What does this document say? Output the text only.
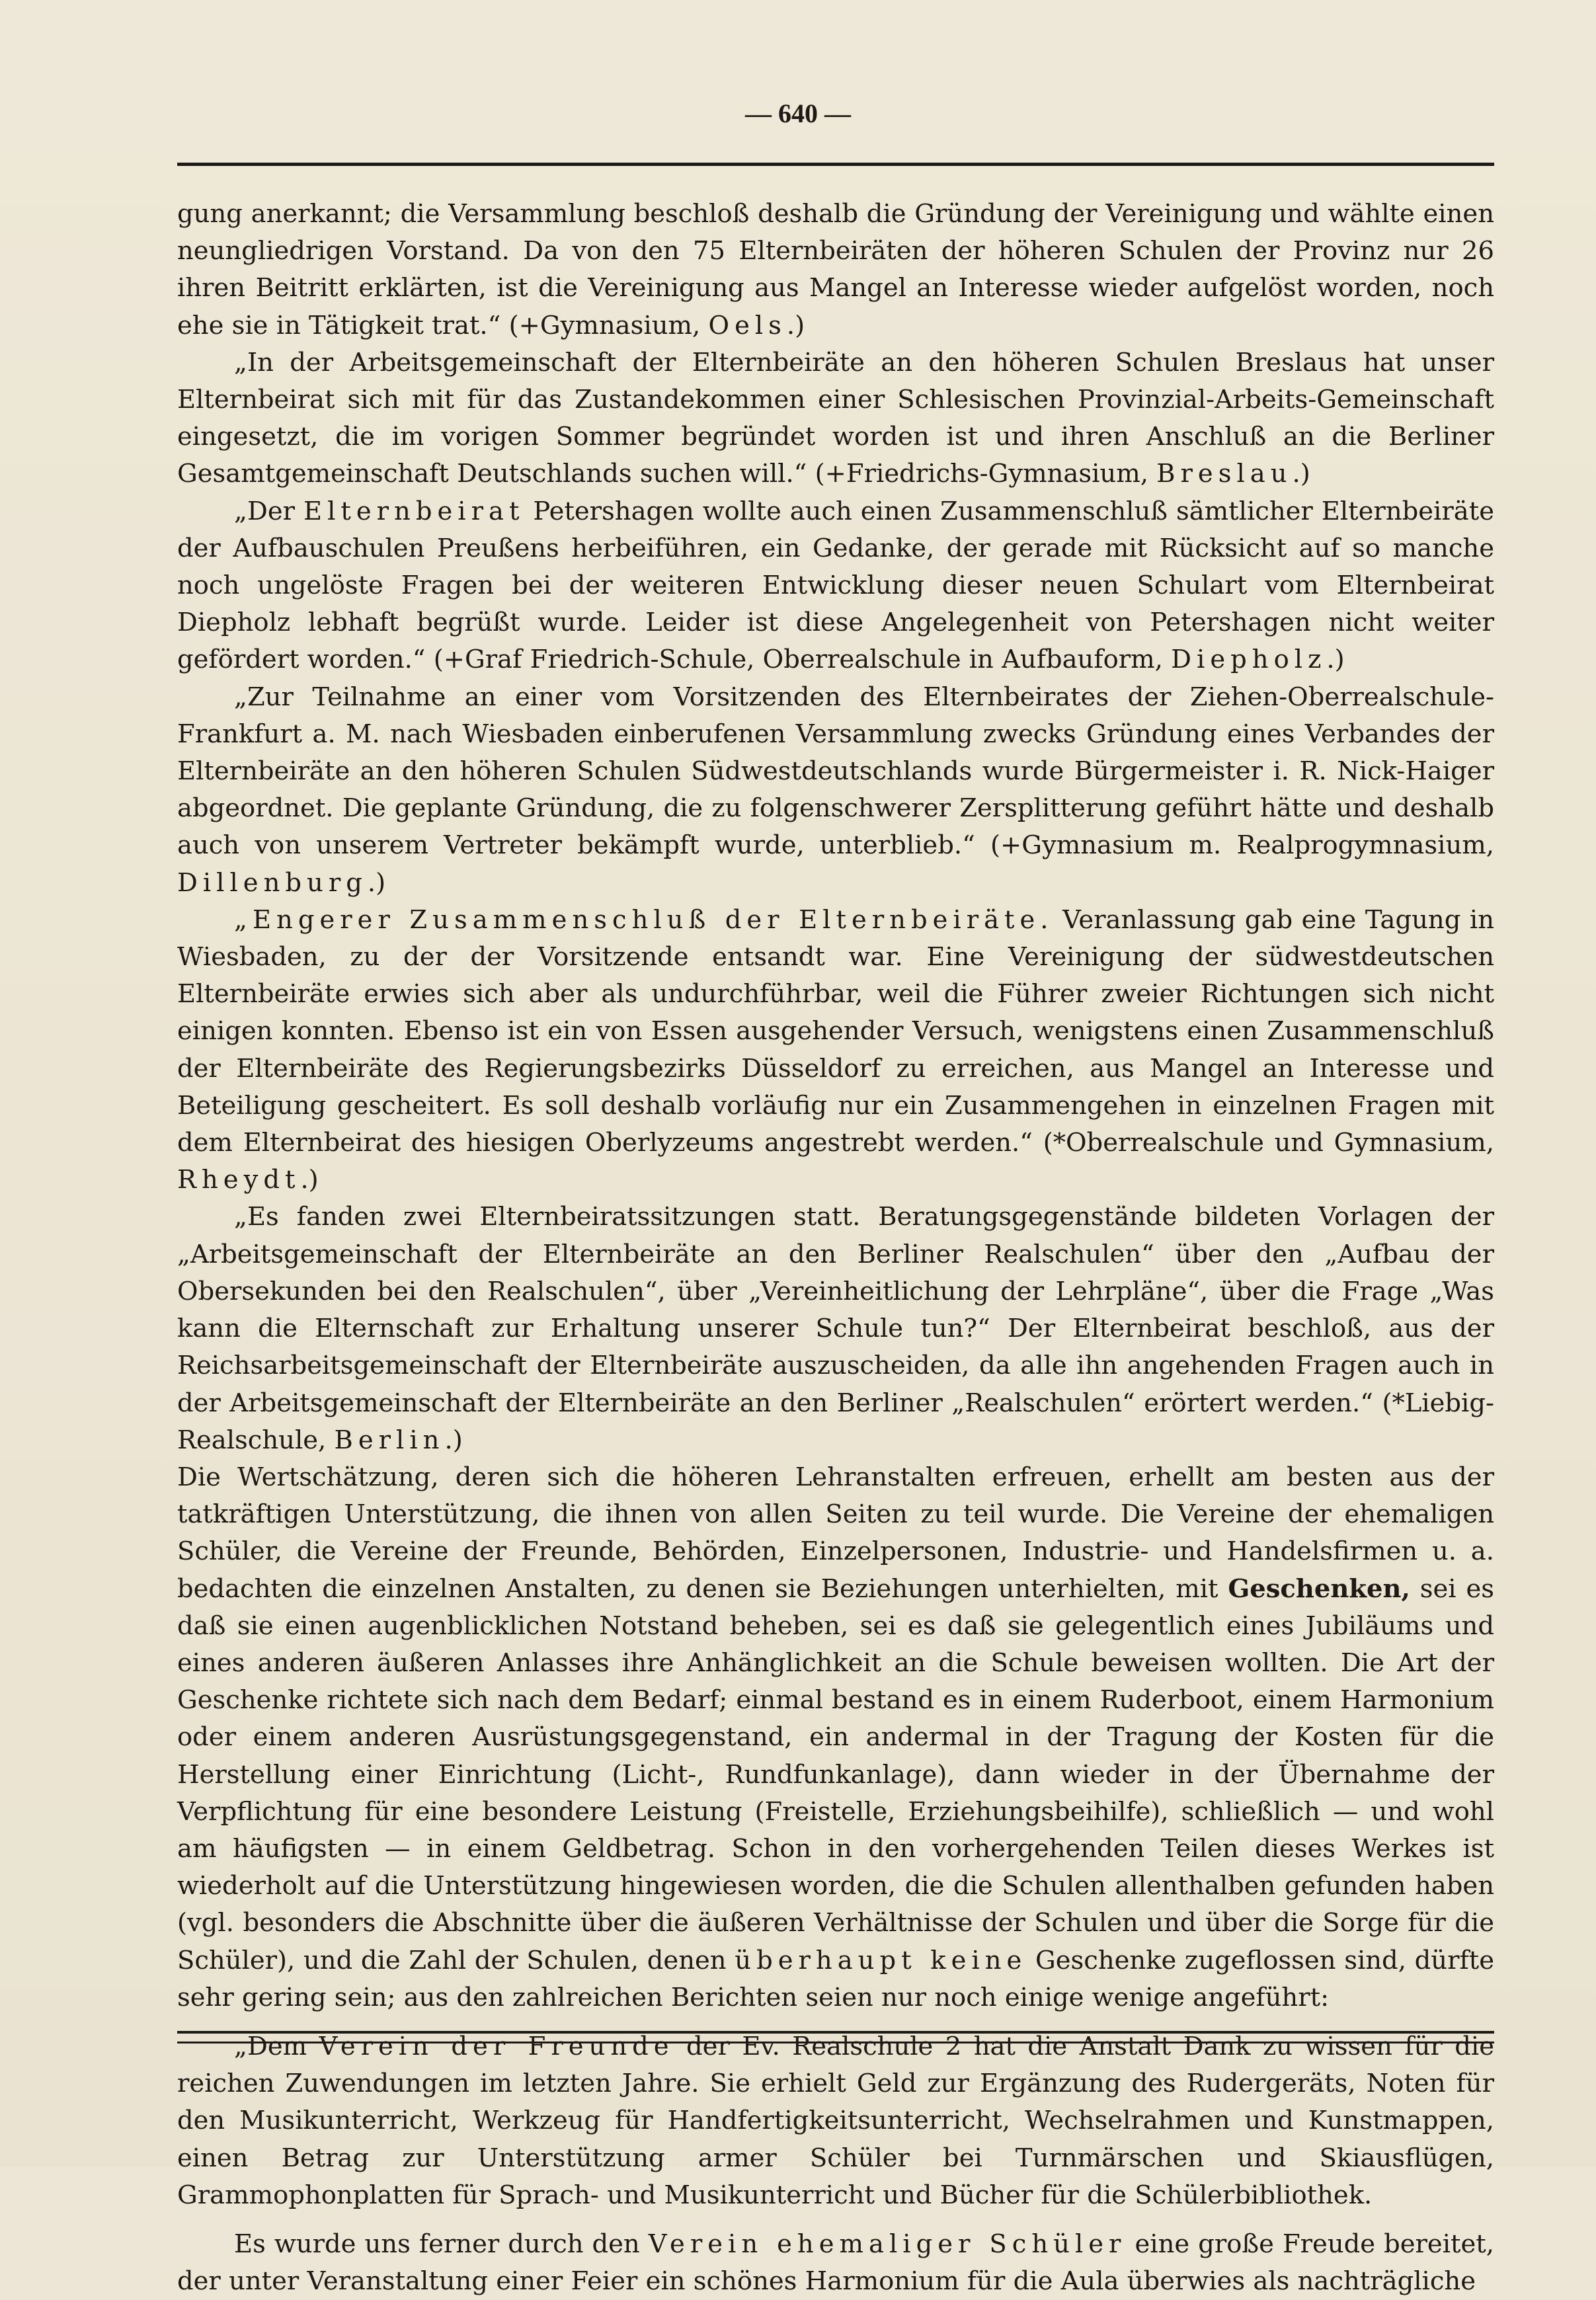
— 640 —

gung anerkannt; die Versammlung beschloß deshalb die Gründung der Vereinigung und wählte einen neungliedrigen Vorstand. Da von den 75 Elternbeiräten der höheren Schulen der Provinz nur 26 ihren Beitritt erklärten, ist die Vereinigung aus Mangel an Interesse wieder aufgelöst worden, noch ehe sie in Tätigkeit trat.“ (+Gymnasium, Oels.)

„In der Arbeitsgemeinschaft der Elternbeiräte an den höheren Schulen Breslaus hat unser Elternbeirat sich mit für das Zustandekommen einer Schlesischen Provinzial-Arbeits-Gemeinschaft eingesetzt, die im vorigen Sommer begründet worden ist und ihren Anschluß an die Berliner Gesamtgemeinschaft Deutschlands suchen will.“ (+Friedrichs-Gymnasium, Breslau.)

„Der Elternbeirat Petershagen wollte auch einen Zusammenschluß sämtlicher Elternbeiräte der Aufbauschulen Preußens herbeiführen, ein Gedanke, der gerade mit Rücksicht auf so manche noch ungelöste Fragen bei der weiteren Entwicklung dieser neuen Schulart vom Elternbeirat Diepholz lebhaft begrüßt wurde. Leider ist diese Angelegenheit von Petershagen nicht weiter gefördert worden.“ (+Graf Friedrich-Schule, Oberrealschule in Aufbauform, Diepholz.)

„Zur Teilnahme an einer vom Vorsitzenden des Elternbeirates der Ziehen-Oberrealschule-Frankfurt a. M. nach Wiesbaden einberufenen Versammlung zwecks Gründung eines Verbandes der Elternbeiräte an den höheren Schulen Südwestdeutschlands wurde Bürgermeister i. R. Nick-Haiger abgeordnet. Die geplante Gründung, die zu folgenschwerer Zersplitterung geführt hätte und deshalb auch von unserem Vertreter bekämpft wurde, unterblieb.“ (+Gymnasium m. Realprogymnasium, Dillenburg.)

„Engerer Zusammenschluß der Elternbeiräte. Veranlassung gab eine Tagung in Wiesbaden, zu der der Vorsitzende entsandt war. Eine Vereinigung der südwestdeutschen Elternbeiräte erwies sich aber als undurchführbar, weil die Führer zweier Richtungen sich nicht einigen konnten. Ebenso ist ein von Essen ausgehender Versuch, wenigstens einen Zusammenschluß der Elternbeiräte des Regierungsbezirks Düsseldorf zu erreichen, aus Mangel an Interesse und Beteiligung gescheitert. Es soll deshalb vorläufig nur ein Zusammengehen in einzelnen Fragen mit dem Elternbeirat des hiesigen Oberlyzeums angestrebt werden.“ (*Oberrealschule und Gymnasium, Rheydt.)

„Es fanden zwei Elternbeiratssitzungen statt. Beratungsgegenstände bildeten Vorlagen der „Arbeitsgemeinschaft der Elternbeiräte an den Berliner Realschulen“ über den „Aufbau der Obersekunden bei den Realschulen“, über „Vereinheitlichung der Lehrpläne“, über die Frage „Was kann die Elternschaft zur Erhaltung unserer Schule tun?“ Der Elternbeirat beschloß, aus der Reichsarbeitsgemeinschaft der Elternbeiräte auszuscheiden, da alle ihn angehenden Fragen auch in der Arbeitsgemeinschaft der Elternbeiräte an den Berliner „Realschulen“ erörtert werden.“ (*Liebig-Realschule, Berlin.)

Die Wertschätzung, deren sich die höheren Lehranstalten erfreuen, erhellt am besten aus der tatkräftigen Unterstützung, die ihnen von allen Seiten zu teil wurde. Die Vereine der ehemaligen Schüler, die Vereine der Freunde, Behörden, Einzelpersonen, Industrie- und Handelsfirmen u. a. bedachten die einzelnen Anstalten, zu denen sie Beziehungen unterhielten, mit Geschenken, sei es daß sie einen augenblicklichen Notstand beheben, sei es daß sie gelegentlich eines Jubiläums und eines anderen äußeren Anlasses ihre Anhänglichkeit an die Schule beweisen wollten. Die Art der Geschenke richtete sich nach dem Bedarf; einmal bestand es in einem Ruderboot, einem Harmonium oder einem anderen Ausrüstungsgegenstand, ein andermal in der Tragung der Kosten für die Herstellung einer Einrichtung (Licht-, Rundfunkanlage), dann wieder in der Übernahme der Verpflichtung für eine besondere Leistung (Freistelle, Erziehungsbeihilfe), schließlich — und wohl am häufigsten — in einem Geldbetrag. Schon in den vorhergehenden Teilen dieses Werkes ist wiederholt auf die Unterstützung hingewiesen worden, die die Schulen allenthalben gefunden haben (vgl. besonders die Abschnitte über die äußeren Verhältnisse der Schulen und über die Sorge für die Schüler), und die Zahl der Schulen, denen überhaupt keine Geschenke zugeflossen sind, dürfte sehr gering sein; aus den zahlreichen Berichten seien nur noch einige wenige angeführt:

„Dem Verein der Freunde der Ev. Realschule 2 hat die Anstalt Dank zu wissen für die reichen Zuwendungen im letzten Jahre. Sie erhielt Geld zur Ergänzung des Rudergeräts, Noten für den Musikunterricht, Werkzeug für Handfertigkeitsunterricht, Wechselrahmen und Kunstmappen, einen Betrag zur Unterstützung armer Schüler bei Turnmärschen und Skiausflügen, Grammophonplatten für Sprach- und Musikunterricht und Bücher für die Schülerbibliothek.

Es wurde uns ferner durch den Verein ehemaliger Schüler eine große Freude bereitet, der unter Veranstaltung einer Feier ein schönes Harmonium für die Aula überwies als nachträgliche
